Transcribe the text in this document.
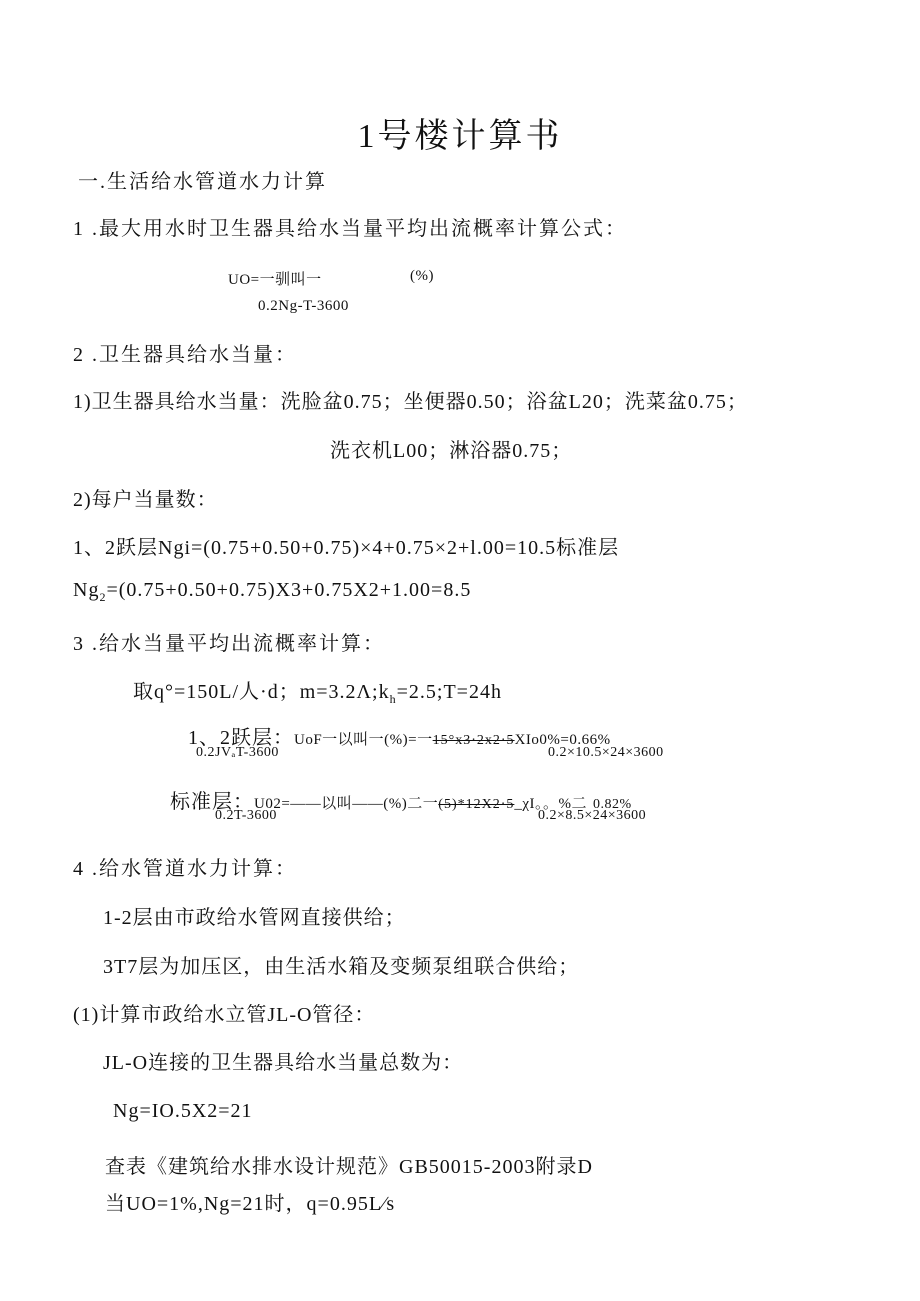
1号楼计算书
一.生活给水管道水力计算
1 .最大用水时卫生器具给水当量平均出流概率计算公式：
UO=一驯叫一	(%)
0.2Ng-T-3600
2 .卫生器具给水当量：
1)卫生器具给水当量：洗脸盆0.75；坐便器0.50；浴盆L20；洗菜盆0.75；
洗衣机L00；淋浴器0.75；
2)每户当量数：
1、2跃层Ngi=(0.75+0.50+0.75)×4+0.75×2+l.00=10.5标准层
$Ng_2=(0.75+0.50+0.75)X3+0.75X2+1.00=8.5$
3 .给水当量平均出流概率计算：
取q°=150L/人·d；$m=3.2\Lambda;k_h=2.5;T=24h$
1、2跃层：UoF一以叫一(%)=一15°x3·2x2·5XIo0%=0.66%
0.2JVₐT-3600	0.2×10.5×24×3600
标准层：U02=——以叫——(%)二一(5)*12X2·5_χI。。%二 0.82%
0.2T-3600	0.2×8.5×24×3600
4 .给水管道水力计算：
1-2层由市政给水管网直接供给；
3T7层为加压区，由生活水箱及变频泵组联合供给；
(1)计算市政给水立管JL-O管径：
JL-O连接的卫生器具给水当量总数为：
Ng=IO.5X2=21
查表《建筑给水排水设计规范》GB50015-2003附录D
当UO=1%,Ng=21时，q=0.95L∕s
